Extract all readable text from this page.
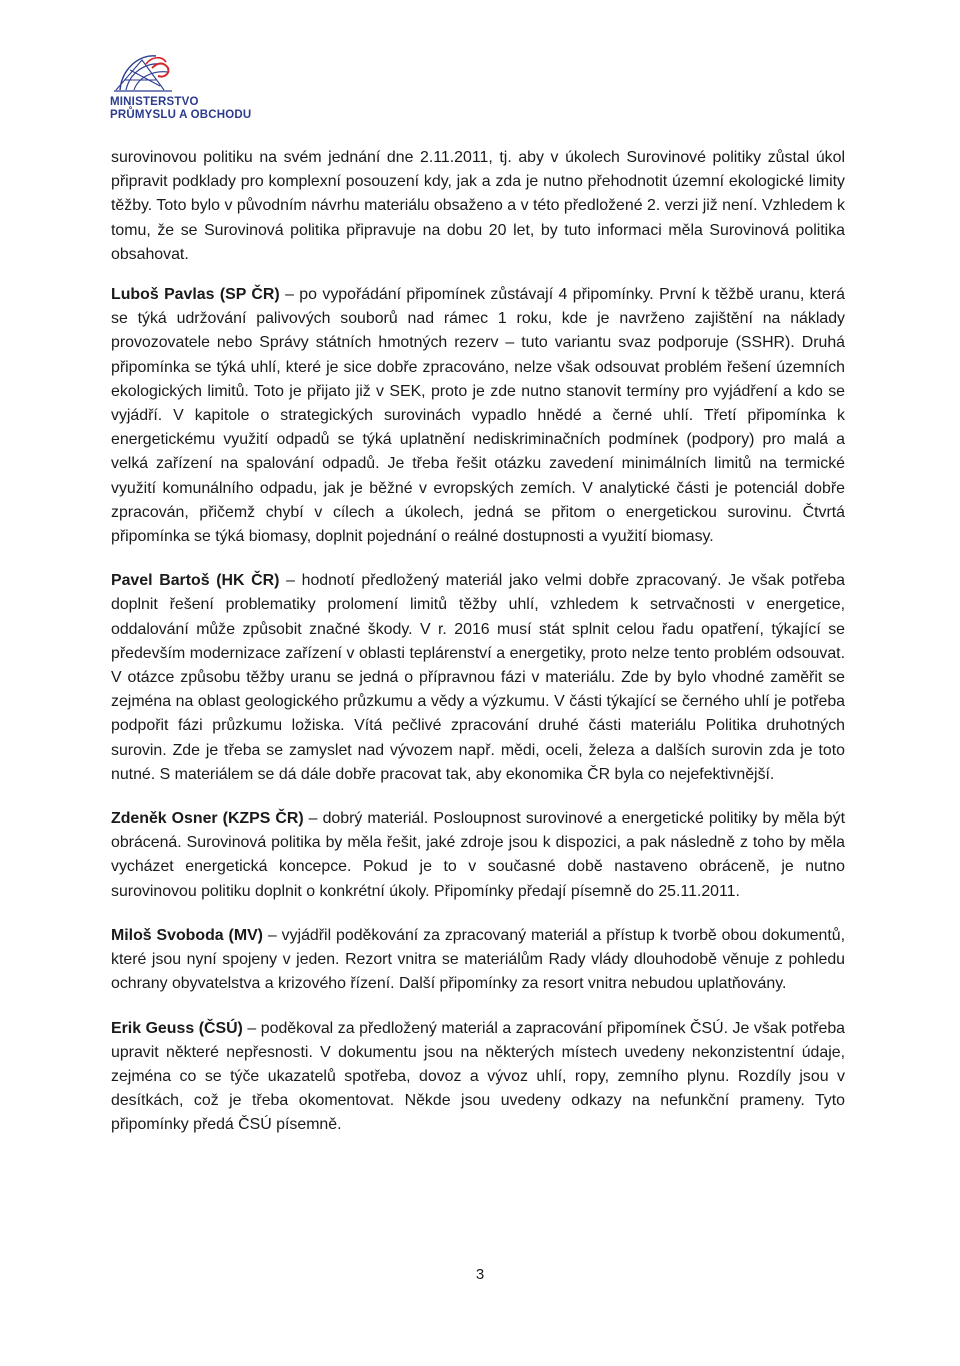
MINISTERSTVO
PRŮMYSLU A OBCHODU

surovinovou politiku na svém jednání dne 2.11.2011, tj. aby v úkolech Surovinové politiky zůstal úkol připravit podklady pro komplexní posouzení kdy, jak a zda je nutno přehodnotit územní ekologické limity těžby. Toto bylo v původním návrhu materiálu obsaženo a v této předložené 2. verzi již není. Vzhledem k tomu, že se Surovinová politika připravuje na dobu 20 let, by tuto informaci měla Surovinová politika obsahovat.

Luboš Pavlas (SP ČR) – po vypořádání připomínek zůstávají 4 připomínky. První k těžbě uranu, která se týká udržování palivových souborů nad rámec 1 roku, kde je navrženo zajištění na náklady provozovatele nebo Správy státních hmotných rezerv – tuto variantu svaz podporuje (SSHR). Druhá připomínka se týká uhlí, které je sice dobře zpracováno, nelze však odsouvat problém řešení územních ekologických limitů. Toto je přijato již v SEK, proto je zde nutno stanovit termíny pro vyjádření a kdo se vyjádří. V kapitole o strategických surovinách vypadlo hnědé a černé uhlí. Třetí připomínka k energetickému využití odpadů se týká uplatnění nediskriminačních podmínek (podpory) pro malá a velká zařízení na spalování odpadů. Je třeba řešit otázku zavedení minimálních limitů na termické využití komunálního odpadu, jak je běžné v evropských zemích. V analytické části je potenciál dobře zpracován, přičemž chybí v cílech a úkolech, jedná se přitom o energetickou surovinu. Čtvrtá připomínka se týká biomasy, doplnit pojednání o reálné dostupnosti a využití biomasy.

Pavel Bartoš (HK ČR) – hodnotí předložený materiál jako velmi dobře zpracovaný. Je však potřeba doplnit řešení problematiky prolomení limitů těžby uhlí, vzhledem k setrvačnosti v energetice, oddalování může způsobit značné škody. V r. 2016 musí stát splnit celou řadu opatření, týkající se především modernizace zařízení v oblasti teplárenství a energetiky, proto nelze tento problém odsouvat. V otázce způsobu těžby uranu se jedná o přípravnou fázi v materiálu. Zde by bylo vhodné zaměřit se zejména na oblast geologického průzkumu a vědy a výzkumu. V části týkající se černého uhlí je potřeba podpořit fázi průzkumu ložiska. Vítá pečlivé zpracování druhé části materiálu Politika druhotných surovin. Zde je třeba se zamyslet nad vývozem např. mědi, oceli, železa a dalších surovin zda je toto nutné. S materiálem se dá dále dobře pracovat tak, aby ekonomika ČR byla co nejefektivnější.

Zdeněk Osner (KZPS ČR) – dobrý materiál. Posloupnost surovinové a energetické politiky by měla být obrácená. Surovinová politika by měla řešit, jaké zdroje jsou k dispozici, a pak následně z toho by měla vycházet energetická koncepce. Pokud je to v současné době nastaveno obráceně, je nutno surovinovou politiku doplnit o konkrétní úkoly. Připomínky předají písemně do 25.11.2011.

Miloš Svoboda (MV) – vyjádřil poděkování za zpracovaný materiál a přístup k tvorbě obou dokumentů, které jsou nyní spojeny v jeden. Rezort vnitra se materiálům Rady vlády dlouhodobě věnuje z pohledu ochrany obyvatelstva a krizového řízení. Další připomínky za resort vnitra nebudou uplatňovány.

Erik Geuss (ČSÚ) – poděkoval za předložený materiál a zapracování připomínek ČSÚ. Je však potřeba upravit některé nepřesnosti. V dokumentu jsou na některých místech uvedeny nekonzistentní údaje, zejména co se týče ukazatelů spotřeba, dovoz a vývoz uhlí, ropy, zemního plynu. Rozdíly jsou v desítkách, což je třeba okomentovat. Někde jsou uvedeny odkazy na nefunkční prameny. Tyto připomínky předá ČSÚ písemně.

3
